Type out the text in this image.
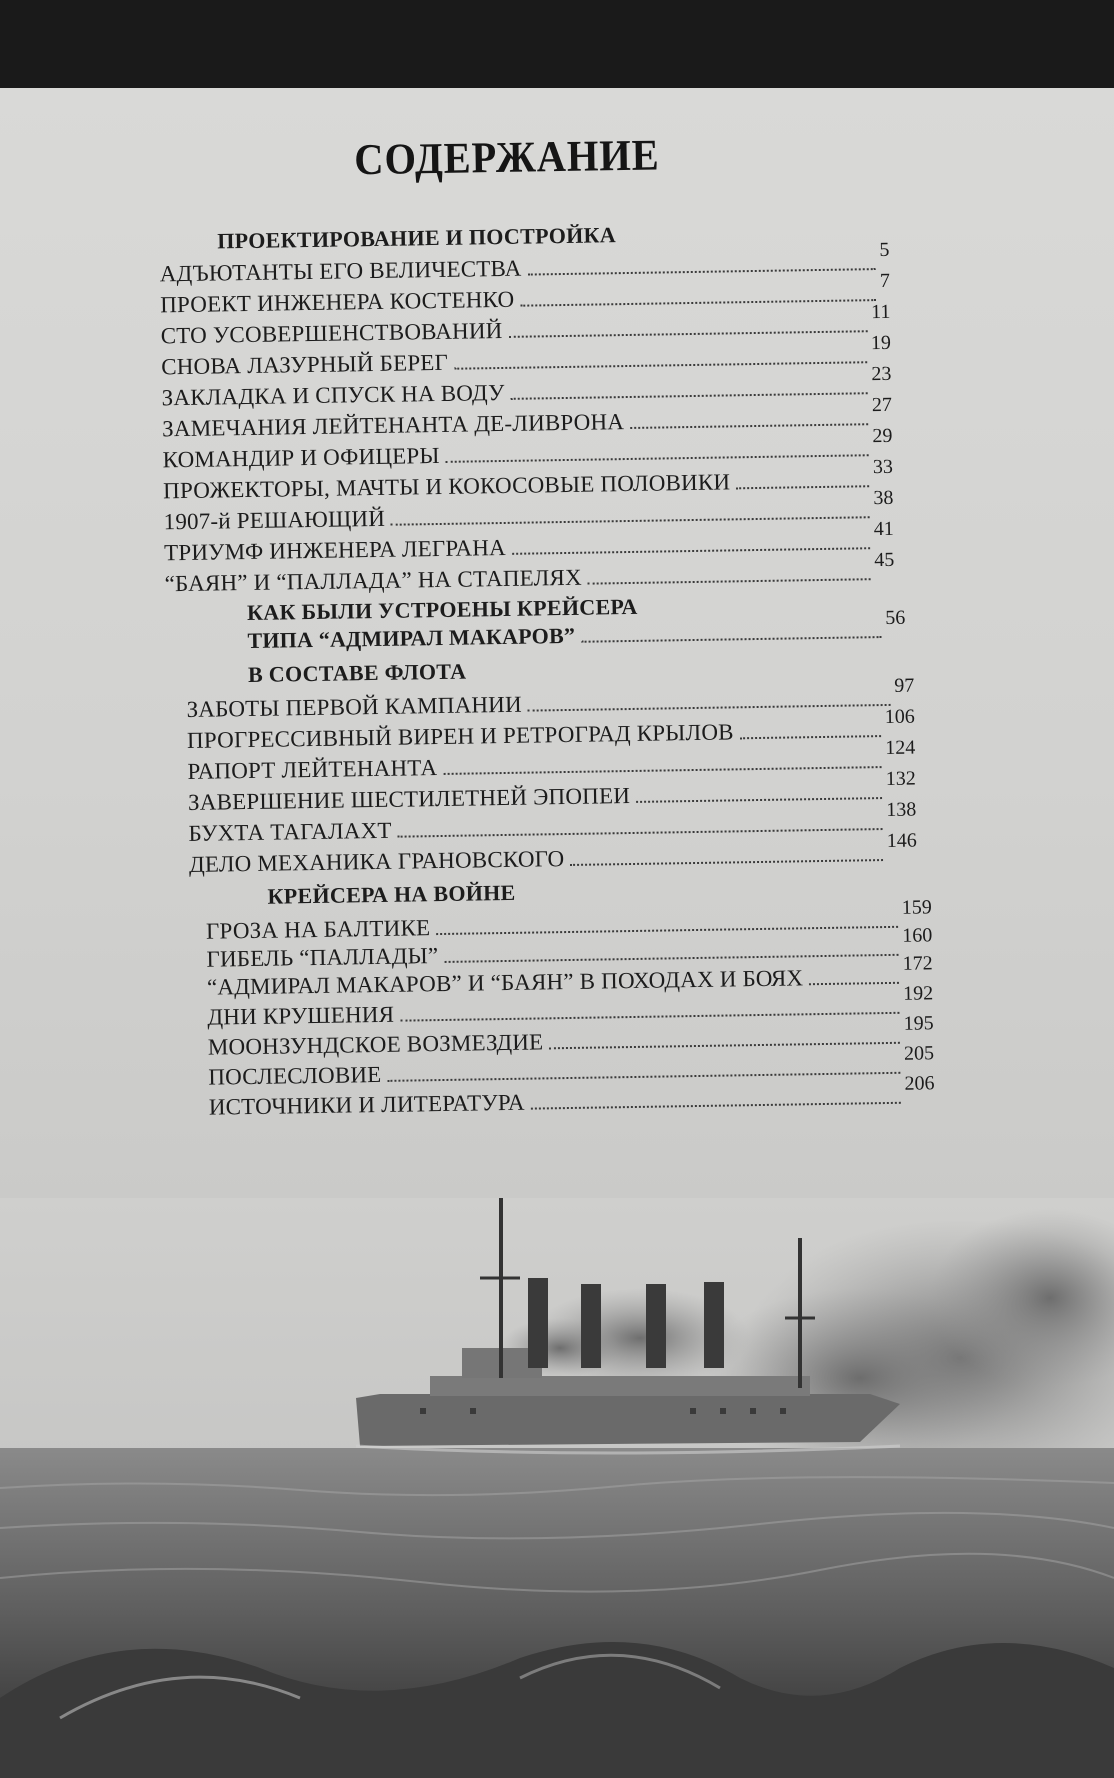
СОДЕРЖАНИЕ
ПРОЕКТИРОВАНИЕ И ПОСТРОЙКА
АДЪЮТАНТЫ ЕГО ВЕЛИЧЕСТВА
5
ПРОЕКТ ИНЖЕНЕРА КОСТЕНКО
7
СТО УСОВЕРШЕНСТВОВАНИЙ
11
СНОВА ЛАЗУРНЫЙ БЕРЕГ
19
ЗАКЛАДКА И СПУСК НА ВОДУ
23
ЗАМЕЧАНИЯ ЛЕЙТЕНАНТА ДЕ-ЛИВРОНА
27
КОМАНДИР И ОФИЦЕРЫ
29
ПРОЖЕКТОРЫ, МАЧТЫ И КОКОСОВЫЕ ПОЛОВИКИ
33
1907-й РЕШАЮЩИЙ
38
ТРИУМФ ИНЖЕНЕРА ЛЕГРАНА
41
“БАЯН” И “ПАЛЛАДА” НА СТАПЕЛЯХ
45
КАК БЫЛИ УСТРОЕНЫ КРЕЙСЕРА
ТИПА “АДМИРАЛ МАКАРОВ”
56
В СОСТАВЕ ФЛОТА
ЗАБОТЫ ПЕРВОЙ КАМПАНИИ
97
ПРОГРЕССИВНЫЙ ВИРЕН И РЕТРОГРАД КРЫЛОВ
106
РАПОРТ ЛЕЙТЕНАНТА
124
ЗАВЕРШЕНИЕ ШЕСТИЛЕТНЕЙ ЭПОПЕИ
132
БУХТА ТАГАЛАХТ
138
ДЕЛО МЕХАНИКА ГРАНОВСКОГО
146
КРЕЙСЕРА НА ВОЙНЕ
ГРОЗА НА БАЛТИКЕ
159
ГИБЕЛЬ “ПАЛЛАДЫ”
160
“АДМИРАЛ МАКАРОВ” И “БАЯН” В ПОХОДАХ И БОЯХ
172
ДНИ КРУШЕНИЯ
192
МООНЗУНДСКОЕ ВОЗМЕЗДИЕ
195
ПОСЛЕСЛОВИЕ
205
ИСТОЧНИКИ И ЛИТЕРАТУРА
206
